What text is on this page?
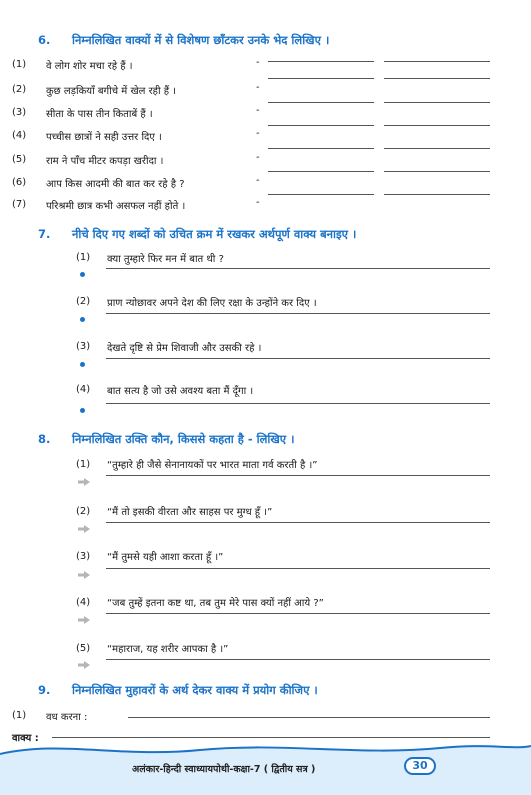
6. निम्नलिखित वाक्यों में से विशेषण छाँटकर उनके भेद लिखिए ।
(1) वे लोग शोर मचा रहे हैं ।	-
(2) कुछ लड़कियाँ बगीचे में खेल रही हैं ।	-
(3) सीता के पास तीन किताबें हैं ।	-
(4) पच्चीस छात्रों ने सही उत्तर दिए ।	-
(5) राम ने पाँच मीटर कपड़ा खरीदा ।	-
(6) आप किस आदमी की बात कर रहे है ?	-
(7) परिश्रमी छात्र कभी असफल नहीं होते ।	-
7. नीचे दिए गए शब्दों को उचित क्रम में रखकर अर्थपूर्ण वाक्य बनाइए ।
(1) क्या तुम्हारे फिर मन में बात थी ?
(2) प्राण न्योछावर अपने देश की लिए रक्षा के उन्होंने कर दिए ।
(3) देखते दृष्टि से प्रेम शिवाजी और उसकी रहे ।
(4) बात सत्य है जो उसे अवश्य बता मैं दूँगा ।
8. निम्नलिखित उक्ति कौन, किससे कहता है - लिखिए ।
(1) “तुम्हारे ही जैसे सेनानायकों पर भारत माता गर्व करती है ।”
(2) “मैं तो इसकी वीरता और साहस पर मुग्ध हूँ ।”
(3) “मैं तुमसे यही आशा करता हूँ ।”
(4) “जब तुम्हें इतना कष्ट था, तब तुम मेरे पास क्यों नहीं आये ?”
(5) “महाराज, यह शरीर आपका है ।”
9. निम्नलिखित मुहावरों के अर्थ देकर वाक्य में प्रयोग कीजिए ।
(1) वध करना :
वाक्य :
अलंकार-हिन्दी स्वाध्यायपोथी-कक्षा-7 ( द्वितीय सत्र )	30
